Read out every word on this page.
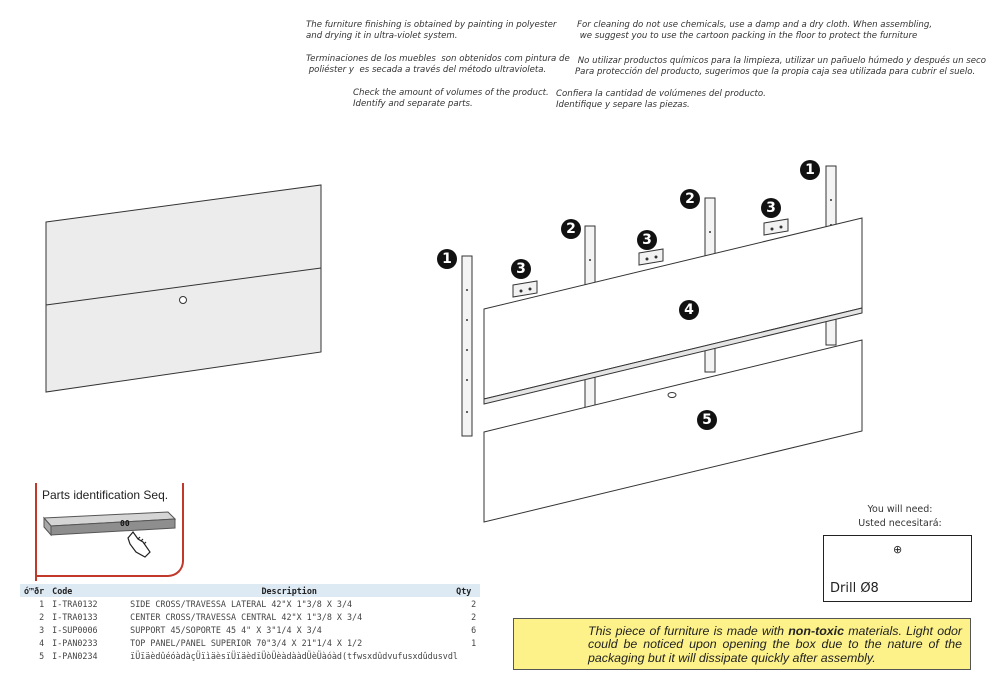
The furniture finishing is obtained by painting in polyester
and drying it in ultra-violet system.
Terminaciones de los muebles  son obtenidos com pintura de
poliéster y  es secada a través del método ultravioleta.
Check the amount of volumes of the product.
Identify and separate parts.
For cleaning do not use chemicals, use a damp and a dry cloth. When assembling,
we suggest you to use the cartoon packing in the floor to protect the furniture
No utilizar productos químicos para la limpieza, utilizar un pañuelo húmedo y después un seco
Para protección del producto, sugerimos que la propia caja sea utilizada para cubrir el suelo.
Confiera la cantidad de volúmenes del producto.
Identifique y separe las piezas.
1
1
2
2
3
3
3
4
5
Parts identification Seq.
00
ó™ðr	Code	Description	Qty
1	I-TRA0132	SIDE CROSS/TRAVESSA LATERAL 42"X 1"3/8 X 3/4	2
2	I-TRA0133	CENTER CROSS/TRAVESSA CENTRAL 42"X 1"3/8 X 3/4	2
3	I-SUP0006	SUPPORT 45/SOPORTE 45 4" X 3"1/4 X 3/4	6
4	I-PAN0233	TOP PANEL/PANEL SUPERIOR 70"3/4 X 21"1/4 X 1/2	1
5	I-PAN0234	ïÜïäèdûéóàdàçÜïìäèsïÜïäèdïÜòÜèàdààdÜèÜàóàd(tfwsxdûdvufusxdûdusvdl	
You will need:
Usted necesitará:
Drill Ø8
⊕
This piece of furniture is made with non-toxic materials. Light odor could be noticed upon opening the box due to the nature of the packaging but it will dissipate quickly after assembly.
